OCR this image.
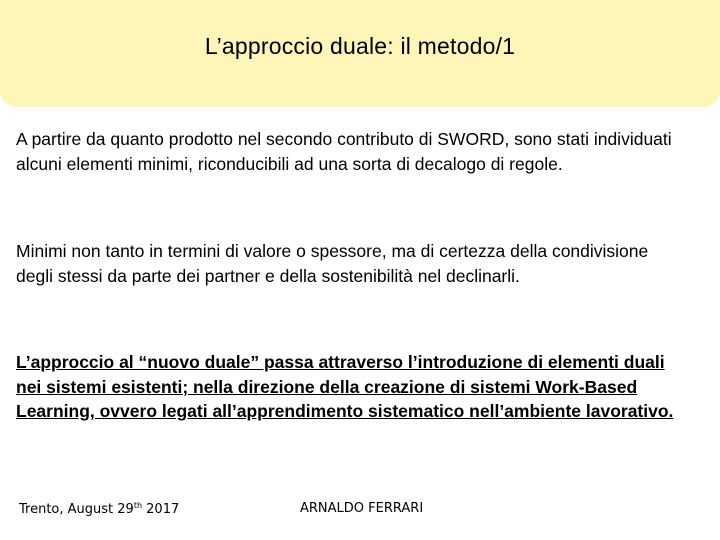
L’approccio duale: il metodo/1

A partire da quanto prodotto nel secondo contributo di SWORD, sono stati individuati alcuni elementi minimi, riconducibili ad una sorta di decalogo di regole.

Minimi non tanto in termini di valore o spessore, ma di certezza della condivisione degli stessi da parte dei partner e della sostenibilità nel declinarli.

L’approccio al “nuovo duale” passa attraverso l’introduzione di elementi duali nei sistemi esistenti; nella direzione della creazione di sistemi Work-Based Learning, ovvero legati all’apprendimento sistematico nell’ambiente lavorativo.

Trento, August 29th 2017	ARNALDO FERRARI
